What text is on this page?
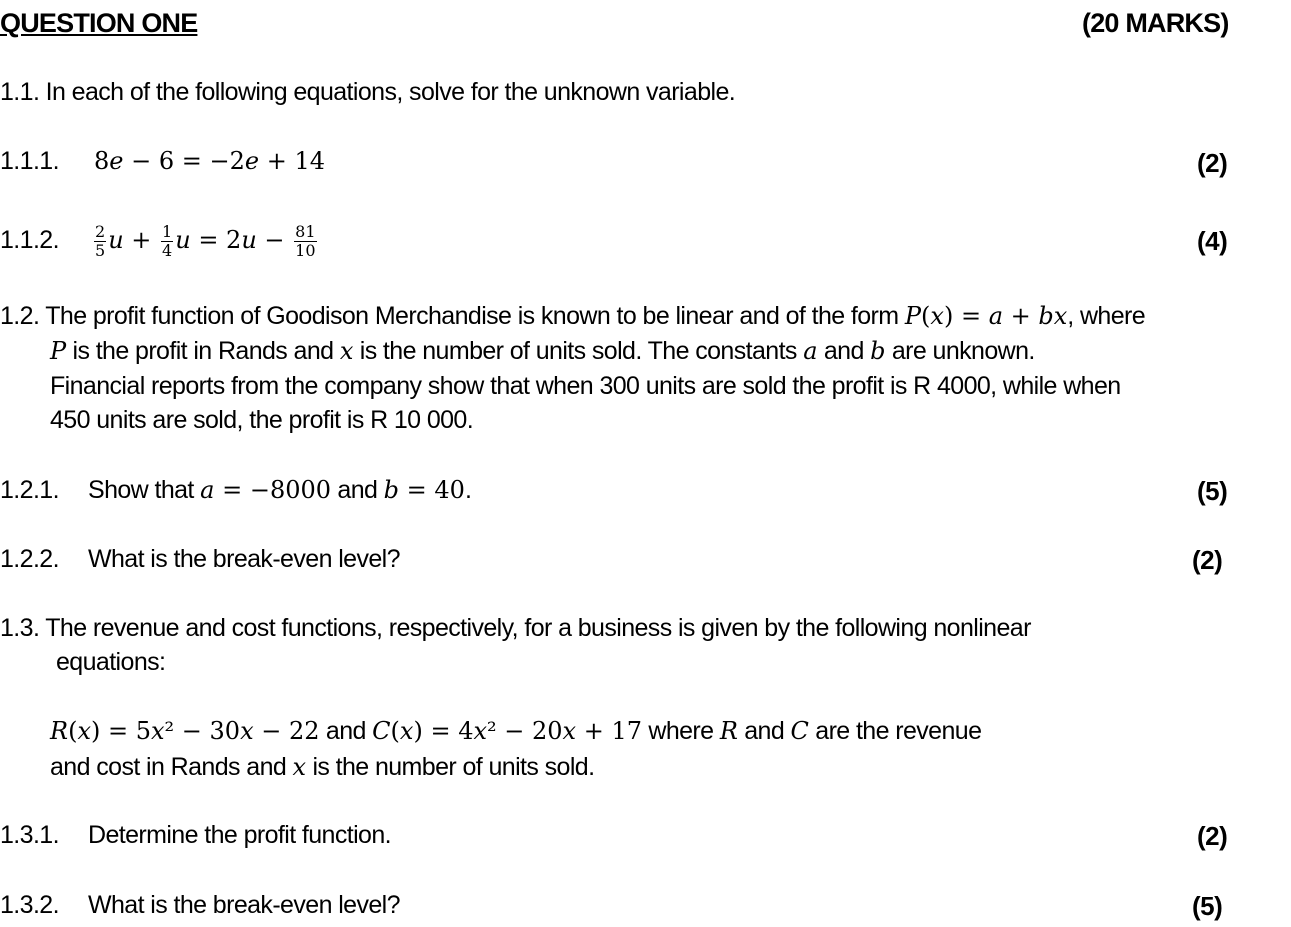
QUESTION ONE	(20 MARKS)
1.1. In each of the following equations, solve for the unknown variable.
1.1.1. 8e − 6 = −2e + 14	(2)
1.1.2. $\frac{2}{5}$ $u + \frac{1}{4}$ $u = 2u - \frac{81}{10}$	(4)
1.2. The profit function of Goodison Merchandise is known to be linear and of the form P(x) = a + bx, where
P is the profit in Rands and x is the number of units sold. The constants a and b are unknown.
Financial reports from the company show that when 300 units are sold the profit is R 4000, while when
450 units are sold, the profit is R 10 000.
1.2.1. Show that a = −8000 and b = 40.	(5)
1.2.2. What is the break-even level?	(2)
1.3. The revenue and cost functions, respectively, for a business is given by the following nonlinear
equations:
R(x) = 5x² − 30x − 22 and C(x) = 4x² − 20x + 17 where R and C are the revenue
and cost in Rands and x is the number of units sold.
1.3.1. Determine the profit function.	(2)
1.3.2. What is the break-even level?	(5)
